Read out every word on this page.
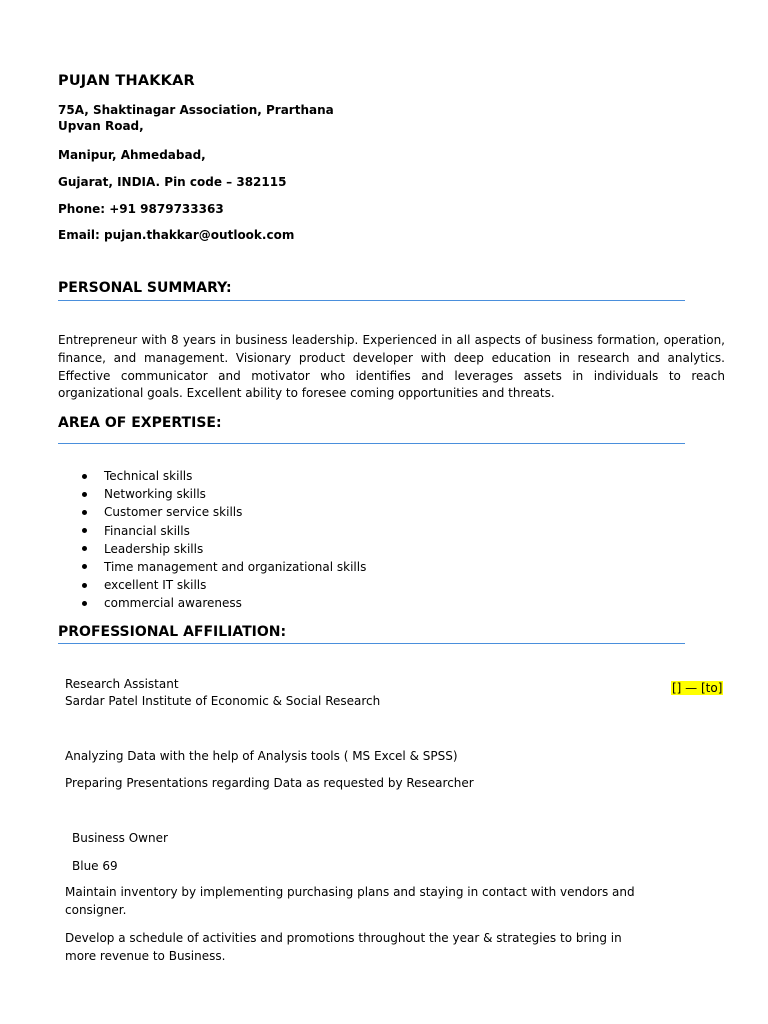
PUJAN THAKKAR
75A, Shaktinagar Association, Prarthana Upvan Road,
Manipur, Ahmedabad,
Gujarat, INDIA. Pin code – 382115
Phone: +91 9879733363
Email: pujan.thakkar@outlook.com
PERSONAL SUMMARY:
Entrepreneur with 8 years in business leadership. Experienced in all aspects of business formation, operation, finance, and management. Visionary product developer with deep education in research and analytics. Effective communicator and motivator who identifies and leverages assets in individuals to reach organizational goals. Excellent ability to foresee coming opportunities and threats.
AREA OF EXPERTISE:
Technical skills
Networking skills
Customer service skills
Financial skills
Leadership skills
Time management and organizational skills
excellent IT skills
commercial awareness
PROFESSIONAL AFFILIATION:
Research Assistant
Sardar Patel Institute of Economic & Social Research
[] — [to]
Analyzing Data with the help of Analysis tools ( MS Excel & SPSS)
Preparing Presentations regarding Data as requested by Researcher
Business Owner
Blue 69
Maintain inventory by implementing purchasing plans and staying in contact with vendors and consigner.
Develop a schedule of activities and promotions throughout the year & strategies to bring in more revenue to Business.
